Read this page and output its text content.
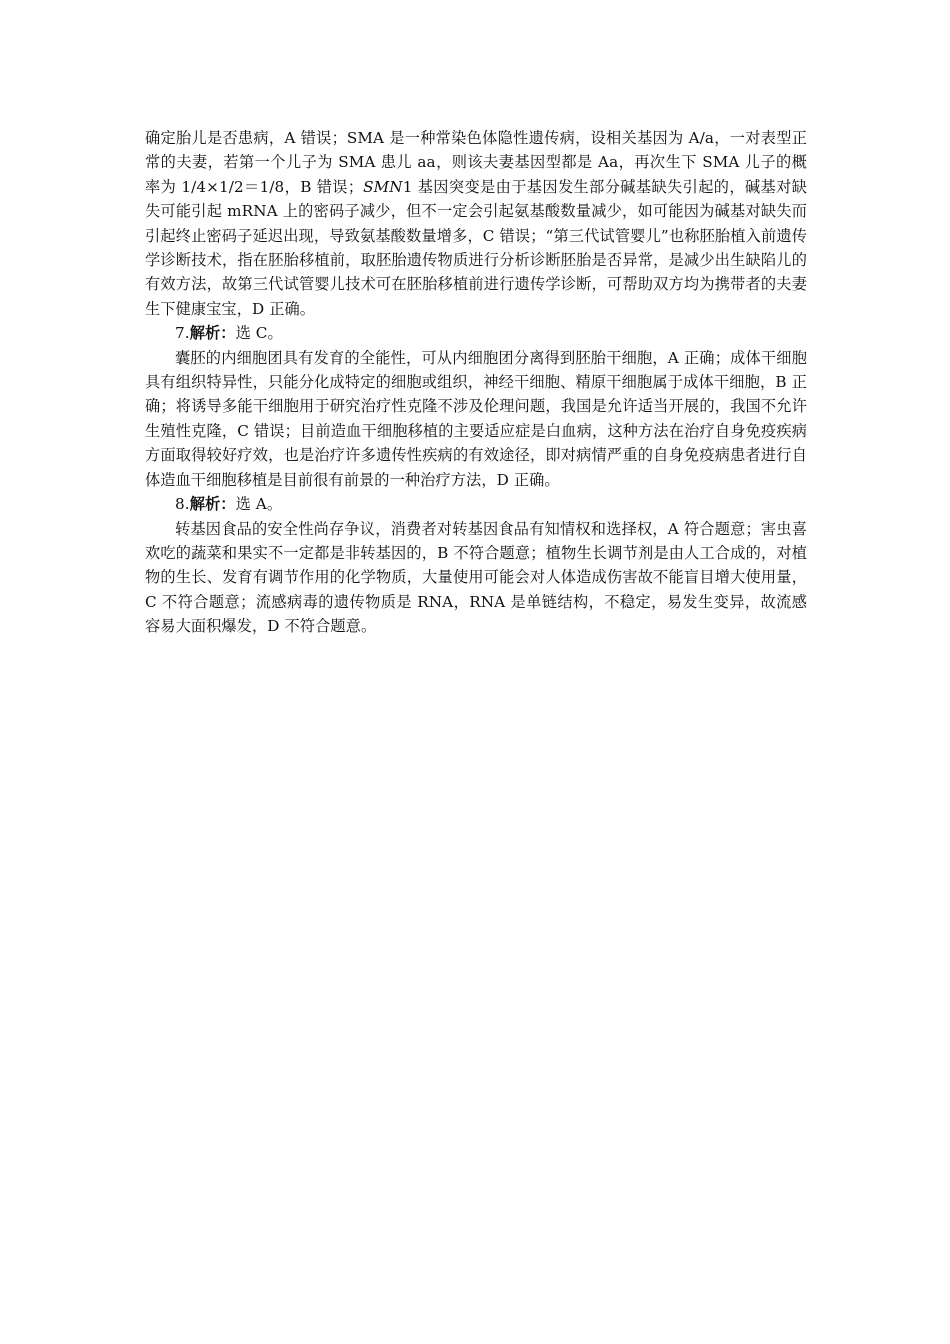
确定胎儿是否患病，A 错误；SMA 是一种常染色体隐性遗传病，设相关基因为 A/a，一对表型正常的夫妻，若第一个儿子为 SMA 患儿 aa，则该夫妻基因型都是 Aa，再次生下 SMA 儿子的概率为 1/4×1/2＝1/8，B 错误；SMN1 基因突变是由于基因发生部分碱基缺失引起的，碱基对缺失可能引起 mRNA 上的密码子减少，但不一定会引起氨基酸数量减少，如可能因为碱基对缺失而引起终止密码子延迟出现，导致氨基酸数量增多，C 错误；“第三代试管婴儿”也称胚胎植入前遗传学诊断技术，指在胚胎移植前，取胚胎遗传物质进行分析诊断胚胎是否异常，是减少出生缺陷儿的有效方法，故第三代试管婴儿技术可在胚胎移植前进行遗传学诊断，可帮助双方均为携带者的夫妻生下健康宝宝，D 正确。

7.解析：选 C。

囊胚的内细胞团具有发育的全能性，可从内细胞团分离得到胚胎干细胞，A 正确；成体干细胞具有组织特异性，只能分化成特定的细胞或组织，神经干细胞、精原干细胞属于成体干细胞，B 正确；将诱导多能干细胞用于研究治疗性克隆不涉及伦理问题，我国是允许适当开展的，我国不允许生殖性克隆，C 错误；目前造血干细胞移植的主要适应症是白血病，这种方法在治疗自身免疫疾病方面取得较好疗效，也是治疗许多遗传性疾病的有效途径，即对病情严重的自身免疫病患者进行自体造血干细胞移植是目前很有前景的一种治疗方法，D 正确。

8.解析：选 A。

转基因食品的安全性尚存争议，消费者对转基因食品有知情权和选择权，A 符合题意；害虫喜欢吃的蔬菜和果实不一定都是非转基因的，B 不符合题意；植物生长调节剂是由人工合成的，对植物的生长、发育有调节作用的化学物质，大量使用可能会对人体造成伤害故不能盲目增大使用量，C 不符合题意；流感病毒的遗传物质是 RNA，RNA 是单链结构，不稳定，易发生变异，故流感容易大面积爆发，D 不符合题意。
